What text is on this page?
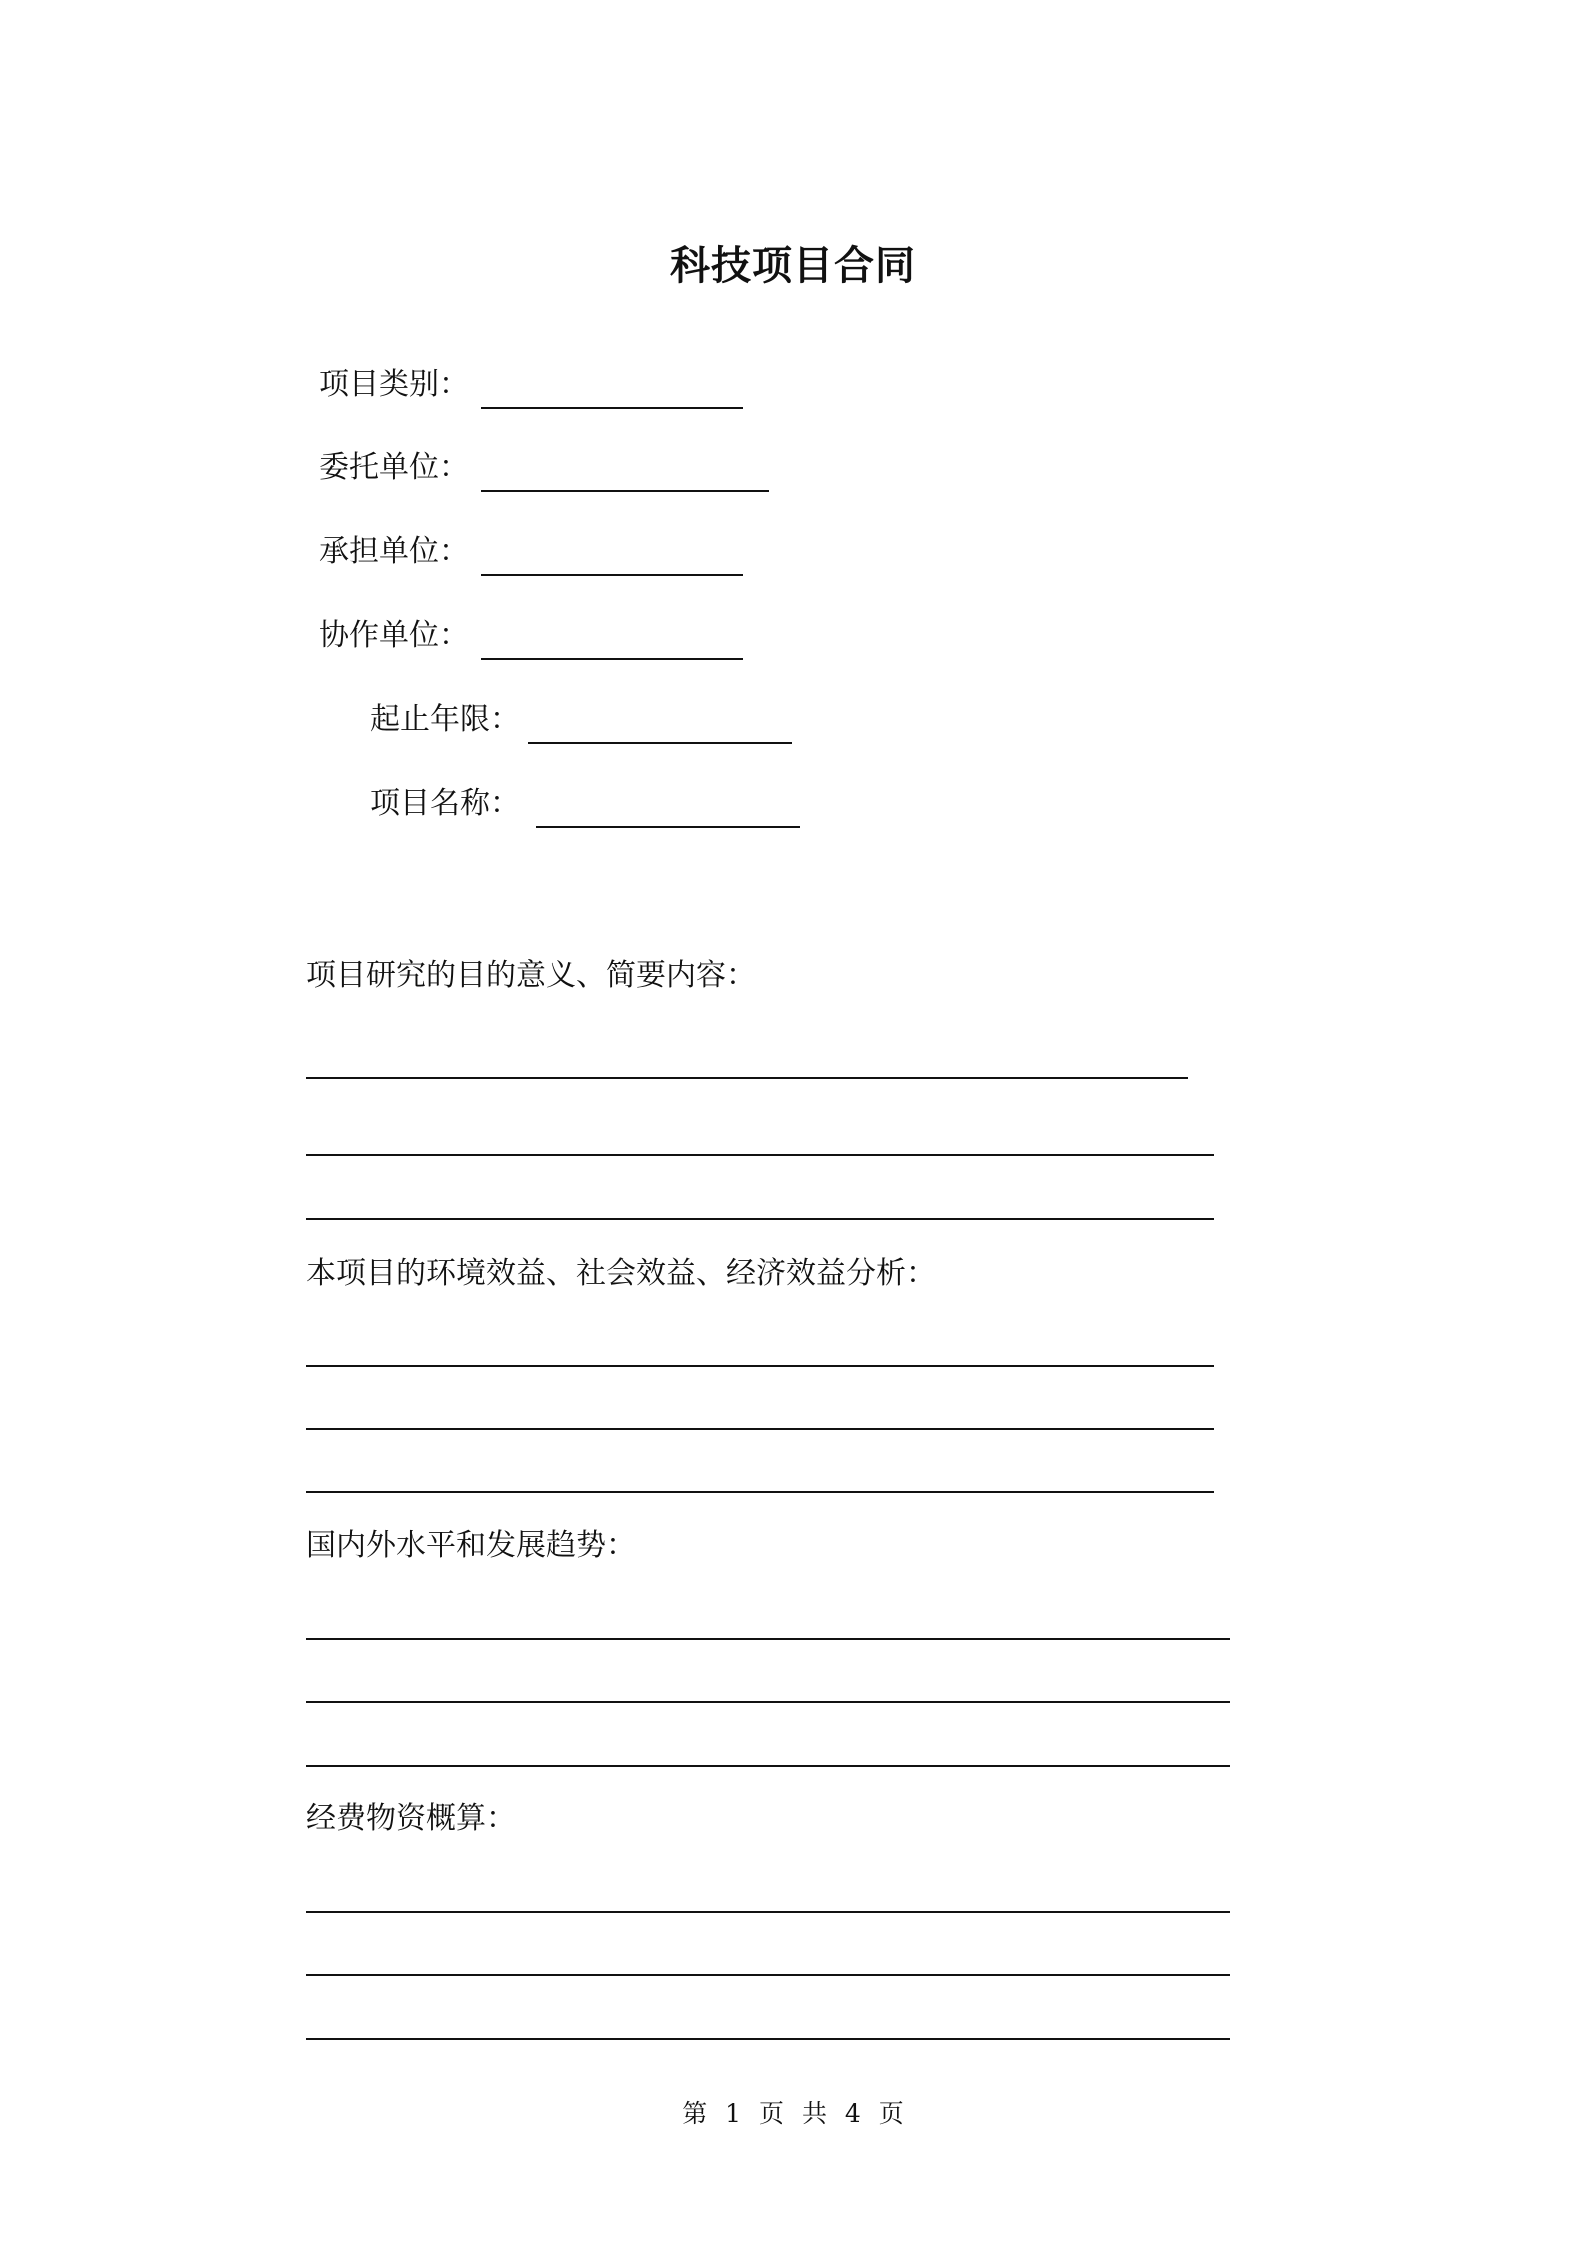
科技项目合同
项目类别：
委托单位：
承担单位：
协作单位：
起止年限：
项目名称：
项目研究的目的意义、简要内容：
本项目的环境效益、社会效益、经济效益分析：
国内外水平和发展趋势：
经费物资概算：
第 1 页 共 4 页
